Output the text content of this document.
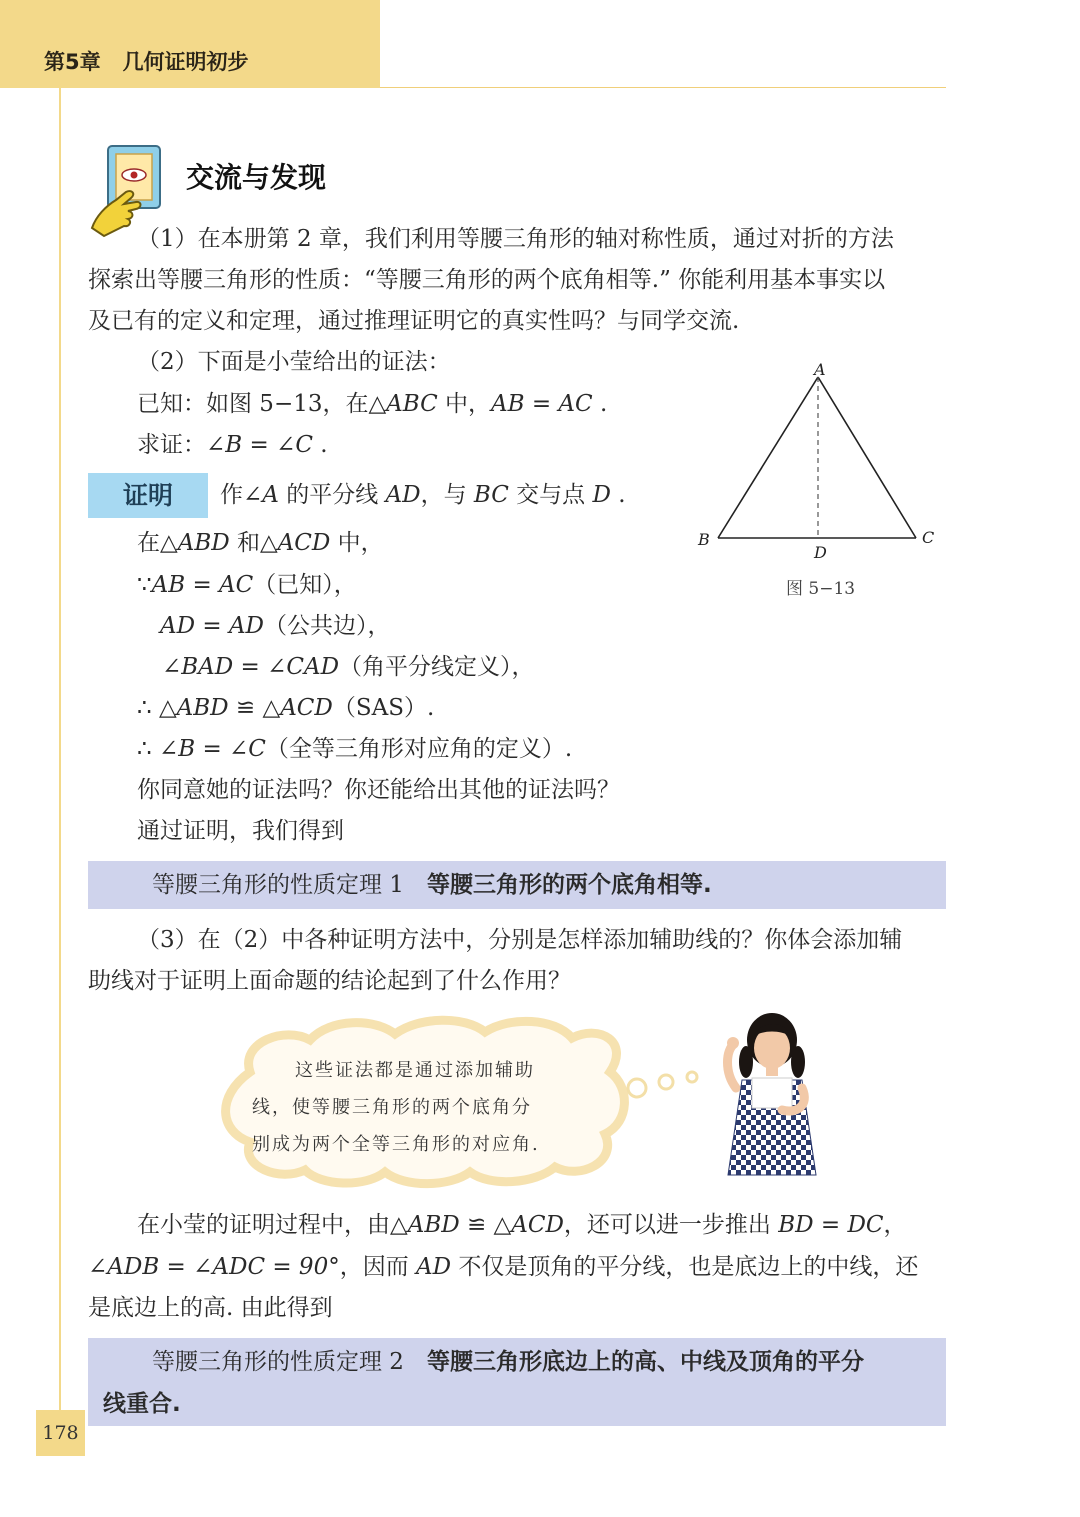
第5章 几何证明初步
交流与发现
（1）在本册第 2 章，我们利用等腰三角形的轴对称性质，通过对折的方法
探索出等腰三角形的性质：“等腰三角形的两个底角相等.” 你能利用基本事实以
及已有的定义和定理，通过推理证明它的真实性吗？与同学交流.
（2）下面是小莹给出的证法：
已知：如图 5−13，在△ABC 中，AB = AC .
求证：∠B = ∠C .
证明	作∠A 的平分线 AD，与 BC 交与点 D .
在△ABD 和△ACD 中，
∵AB = AC（已知），
AD = AD（公共边），
∠BAD = ∠CAD（角平分线定义），
∴ △ABD ≌ △ACD（SAS）.
∴ ∠B = ∠C（全等三角形对应角的定义）.
你同意她的证法吗？你还能给出其他的证法吗？
通过证明，我们得到
A
B	C
D
图 5−13
等腰三角形的性质定理 1　 等腰三角形的两个底角相等.
（3）在（2）中各种证明方法中，分别是怎样添加辅助线的？你体会添加辅
助线对于证明上面命题的结论起到了什么作用？
这些证法都是通过添加辅助
线，使等腰三角形的两个底角分
别成为两个全等三角形的对应角.
在小莹的证明过程中，由△ABD ≌ △ACD，还可以进一步推出 BD = DC，
∠ADB = ∠ADC = 90°，因而 AD 不仅是顶角的平分线，也是底边上的中线，还
是底边上的高. 由此得到
等腰三角形的性质定理 2　 等腰三角形底边上的高、中线及顶角的平分
线重合.
178
